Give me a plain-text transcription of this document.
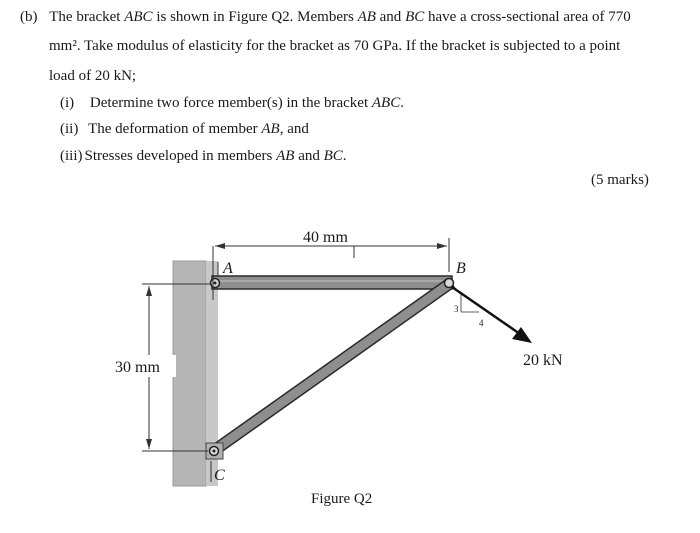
(b) The bracket ABC is shown in Figure Q2. Members AB and BC have a cross-sectional area of 770
mm². Take modulus of elasticity for the bracket as 70 GPa. If the bracket is subjected to a point
load of 20 kN;
(i) Determine two force member(s) in the bracket ABC.
(ii) The deformation of member AB, and
(iii) Stresses developed in members AB and BC.
(5 marks)
40 mm
30 mm
A	B
C
3
4
20 kN
Figure Q2
